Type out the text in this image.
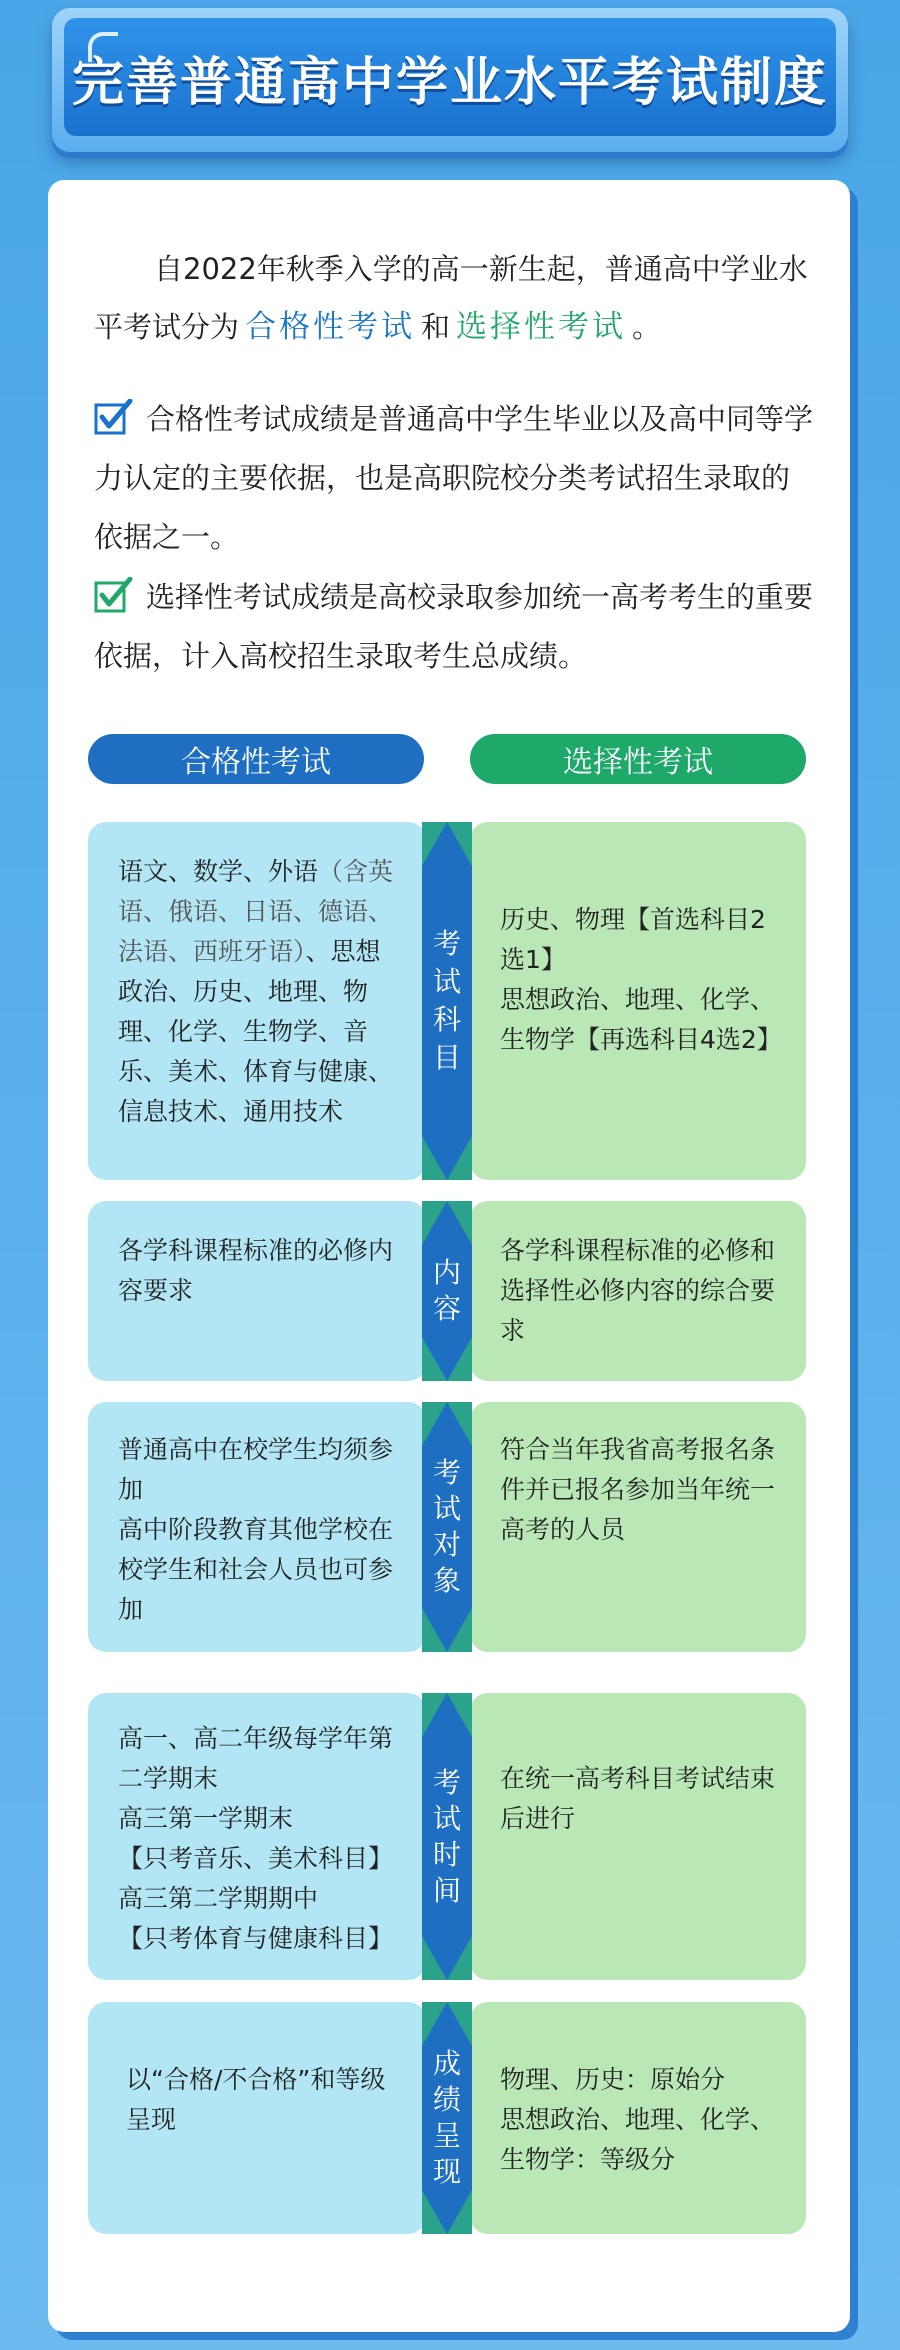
完善普通高中学业水平考试制度
自2022年秋季入学的高一新生起，普通高中学业水平考试分为 合格性考试 和 选择性考试 。
合格性考试成绩是普通高中学生毕业以及高中同等学力认定的主要依据，也是高职院校分类考试招生录取的依据之一。
选择性考试成绩是高校录取参加统一高考考生的重要依据，计入高校招生录取考生总成绩。
合格性考试	选择性考试
语文、数学、外语（含英语、俄语、日语、德语、法语、西班牙语）、思想政治、历史、地理、物理、化学、生物学、音乐、美术、体育与健康、信息技术、通用技术
历史、物理【首选科目2选1】
思想政治、地理、化学、生物学【再选科目4选2】
考试科目
各学科课程标准的必修内容要求
各学科课程标准的必修和选择性必修内容的综合要求
内容
普通高中在校学生均须参加
高中阶段教育其他学校在校学生和社会人员也可参加
符合当年我省高考报名条件并已报名参加当年统一高考的人员
考试对象
高一、高二年级每学年第二学期末
高三第一学期末
【只考音乐、美术科目】
高三第二学期期中
【只考体育与健康科目】
在统一高考科目考试结束后进行
考试时间
以“合格/不合格”和等级呈现
物理、历史：原始分
思想政治、地理、化学、生物学：等级分
成绩呈现
